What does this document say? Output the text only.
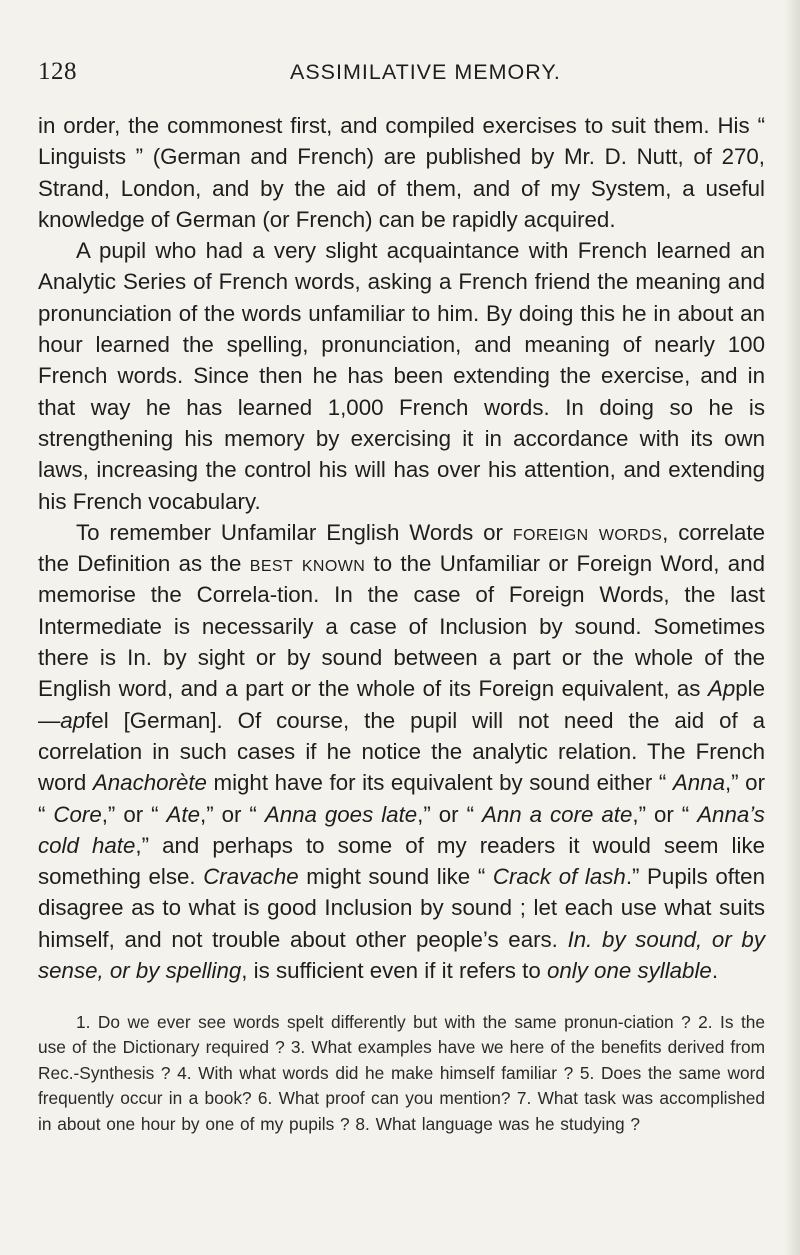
128	ASSIMILATIVE MEMORY.

in order, the commonest first, and compiled exercises to suit them. His “ Linguists ” (German and French) are published by Mr. D. Nutt, of 270, Strand, London, and by the aid of them, and of my System, a useful knowledge of German (or French) can be rapidly acquired.

A pupil who had a very slight acquaintance with French learned an Analytic Series of French words, asking a French friend the meaning and pronunciation of the words unfamiliar to him. By doing this he in about an hour learned the spelling, pronunciation, and meaning of nearly 100 French words. Since then he has been extending the exercise, and in that way he has learned 1,000 French words. In doing so he is strengthening his memory by exercising it in accordance with its own laws, increasing the control his will has over his attention, and extending his French vocabulary.

To remember Unfamilar English Words or foreign words, correlate the Definition as the best known to the Unfamiliar or Foreign Word, and memorise the Correla-tion. In the case of Foreign Words, the last Intermediate is necessarily a case of Inclusion by sound. Sometimes there is In. by sight or by sound between a part or the whole of the English word, and a part or the whole of its Foreign equivalent, as Apple—apfel [German]. Of course, the pupil will not need the aid of a correlation in such cases if he notice the analytic relation. The French word Anachorète might have for its equivalent by sound either “ Anna,” or “ Core,” or “ Ate,” or “ Anna goes late,” or “ Ann a core ate,” or “ Anna’s cold hate,” and perhaps to some of my readers it would seem like something else. Cravache might sound like “ Crack of lash.” Pupils often disagree as to what is good Inclusion by sound ; let each use what suits himself, and not trouble about other people’s ears. In. by sound, or by sense, or by spelling, is sufficient even if it refers to only one syllable.

1. Do we ever see words spelt differently but with the same pronun-ciation ? 2. Is the use of the Dictionary required ? 3. What examples have we here of the benefits derived from Rec.-Synthesis ? 4. With what words did he make himself familiar ? 5. Does the same word frequently occur in a book? 6. What proof can you mention? 7. What task was accomplished in about one hour by one of my pupils ? 8. What language was he studying ?
